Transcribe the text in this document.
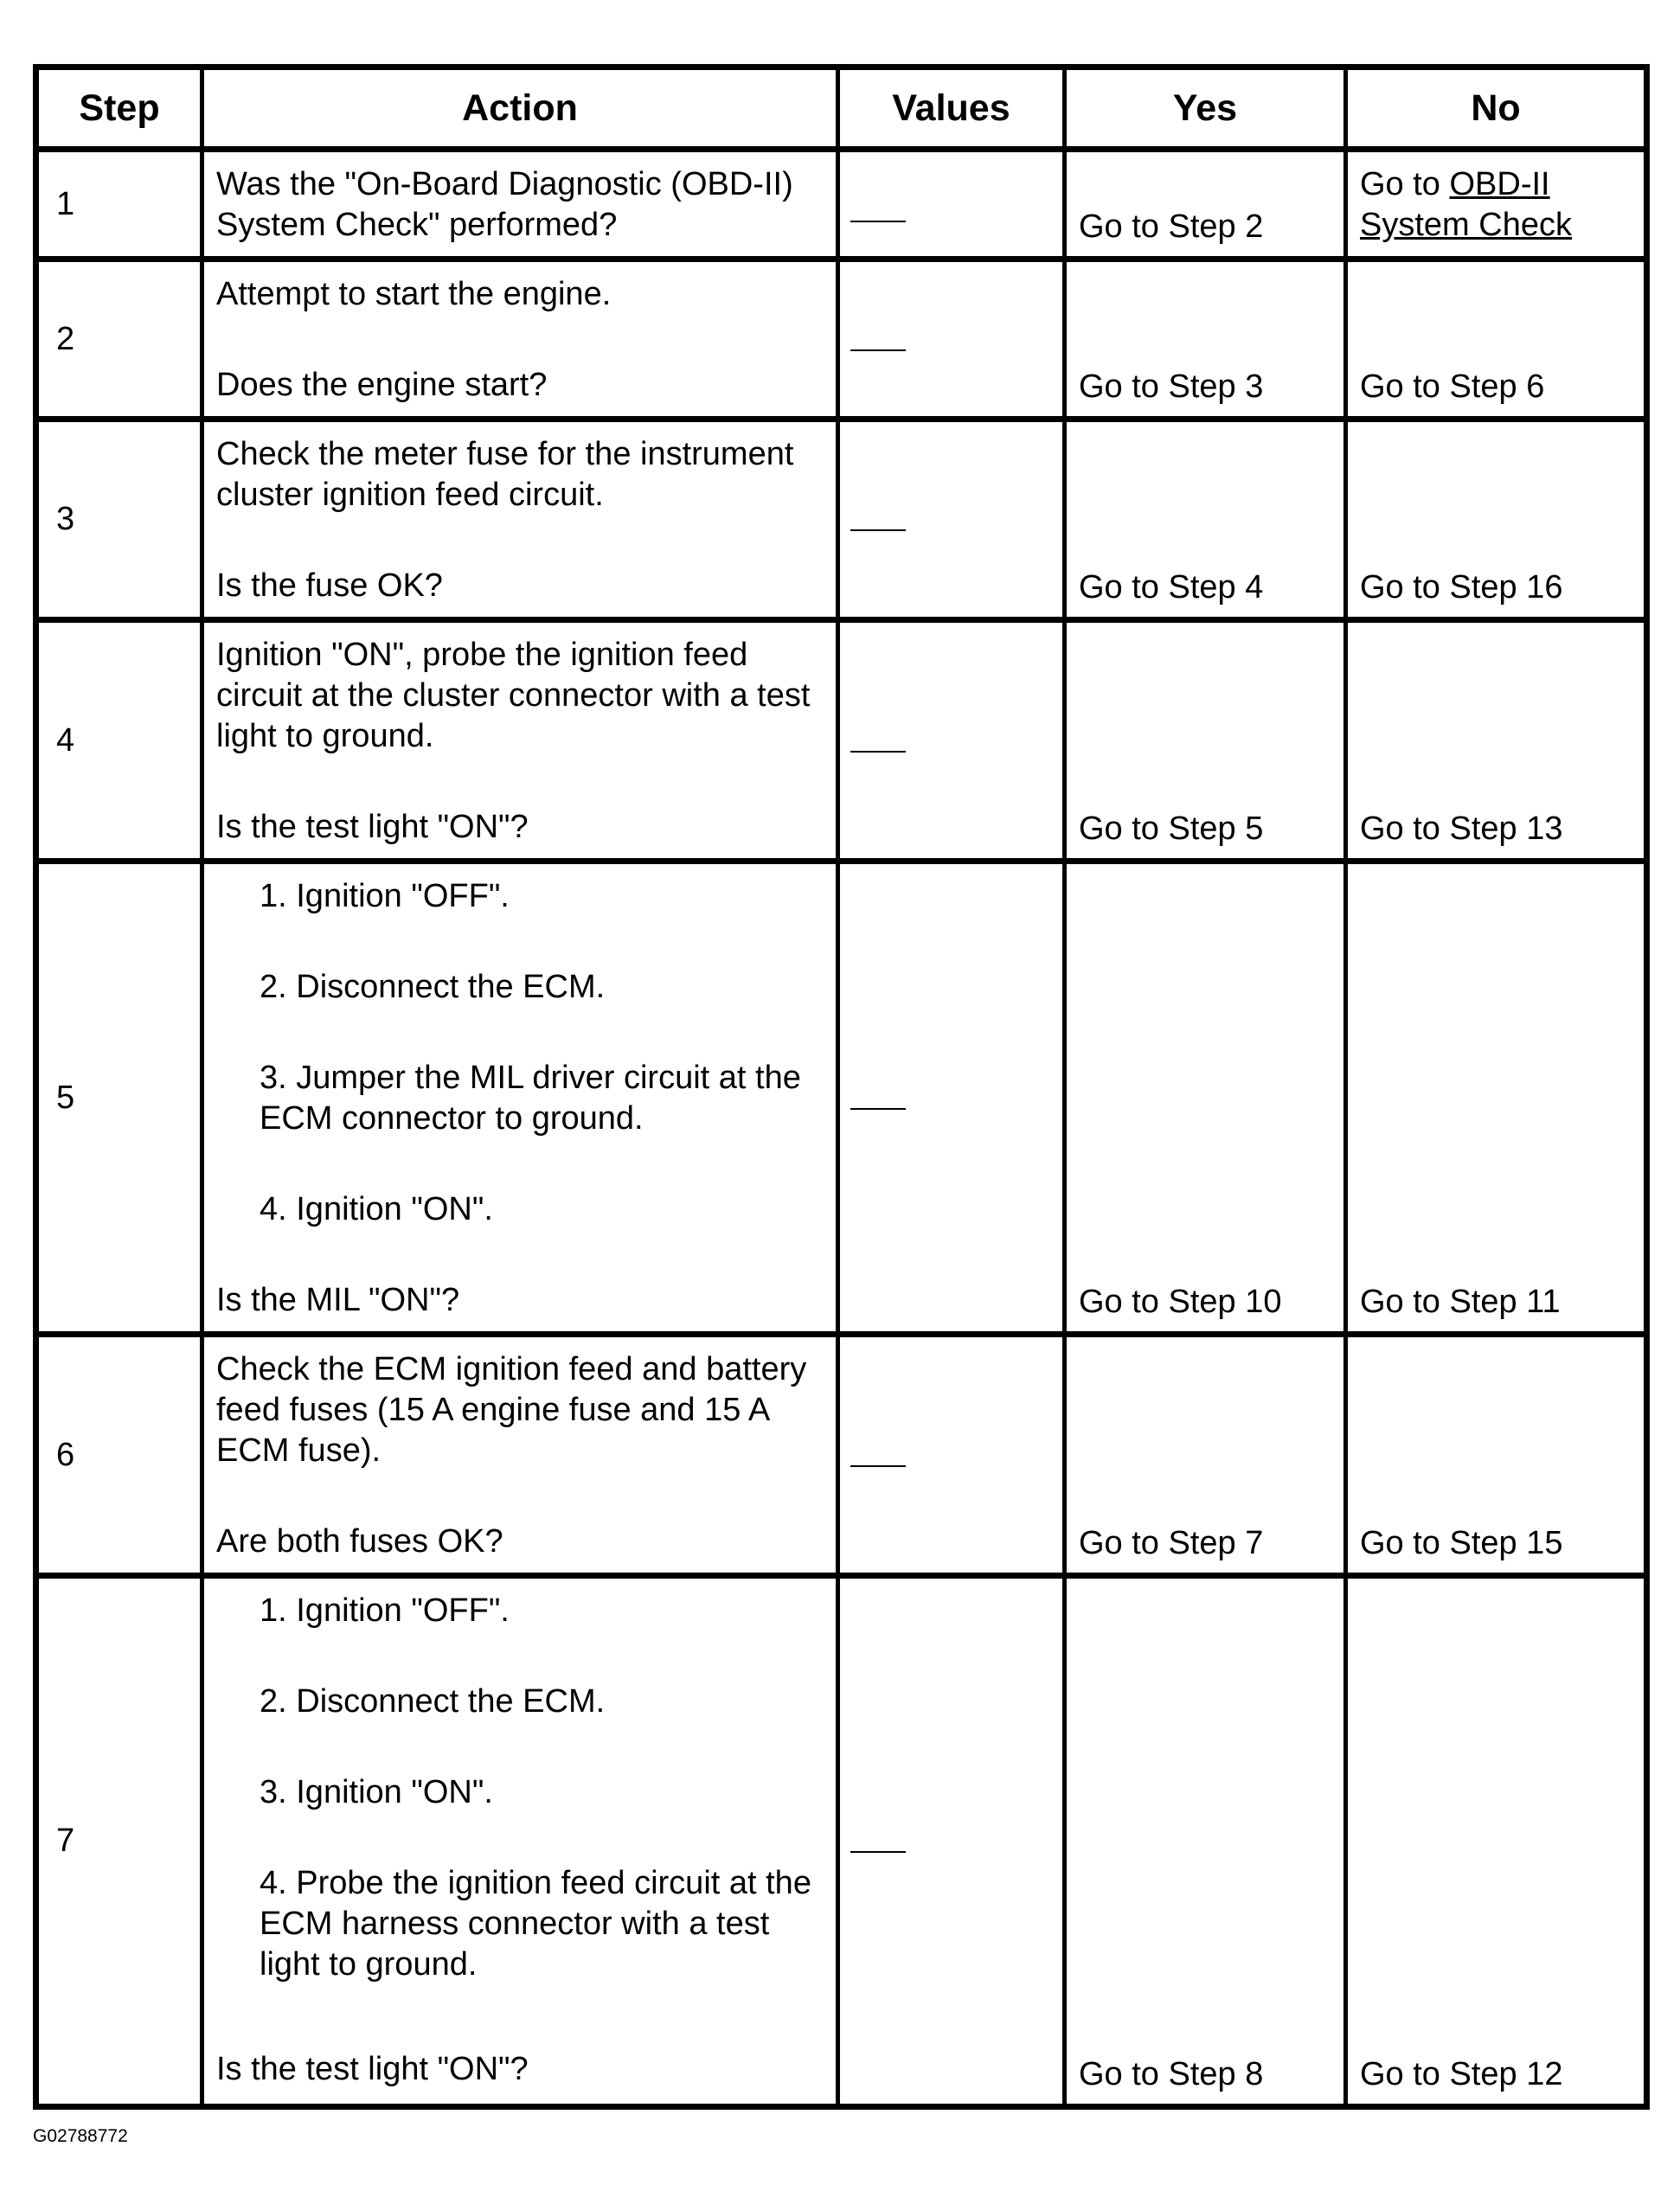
Step	Action	Values	Yes	No
1	Was the "On-Board Diagnostic (OBD-II) System Check" performed?		Go to Step 2	Go to OBD-II System Check
2	Attempt to start the engine.
Does the engine start?		Go to Step 3	Go to Step 6
3	Check the meter fuse for the instrument cluster ignition feed circuit.
Is the fuse OK?		Go to Step 4	Go to Step 16
4	Ignition "ON", probe the ignition feed circuit at the cluster connector with a test light to ground.
Is the test light "ON"?		Go to Step 5	Go to Step 13
5	1. Ignition "OFF".
2. Disconnect the ECM.
3. Jumper the MIL driver circuit at the ECM connector to ground.
4. Ignition "ON".
Is the MIL "ON"?		Go to Step 10	Go to Step 11
6	Check the ECM ignition feed and battery feed fuses (15 A engine fuse and 15 A ECM fuse).
Are both fuses OK?		Go to Step 7	Go to Step 15
7	1. Ignition "OFF".
2. Disconnect the ECM.
3. Ignition "ON".
4. Probe the ignition feed circuit at the ECM harness connector with a test light to ground.
Is the test light "ON"?		Go to Step 8	Go to Step 12
G02788772
